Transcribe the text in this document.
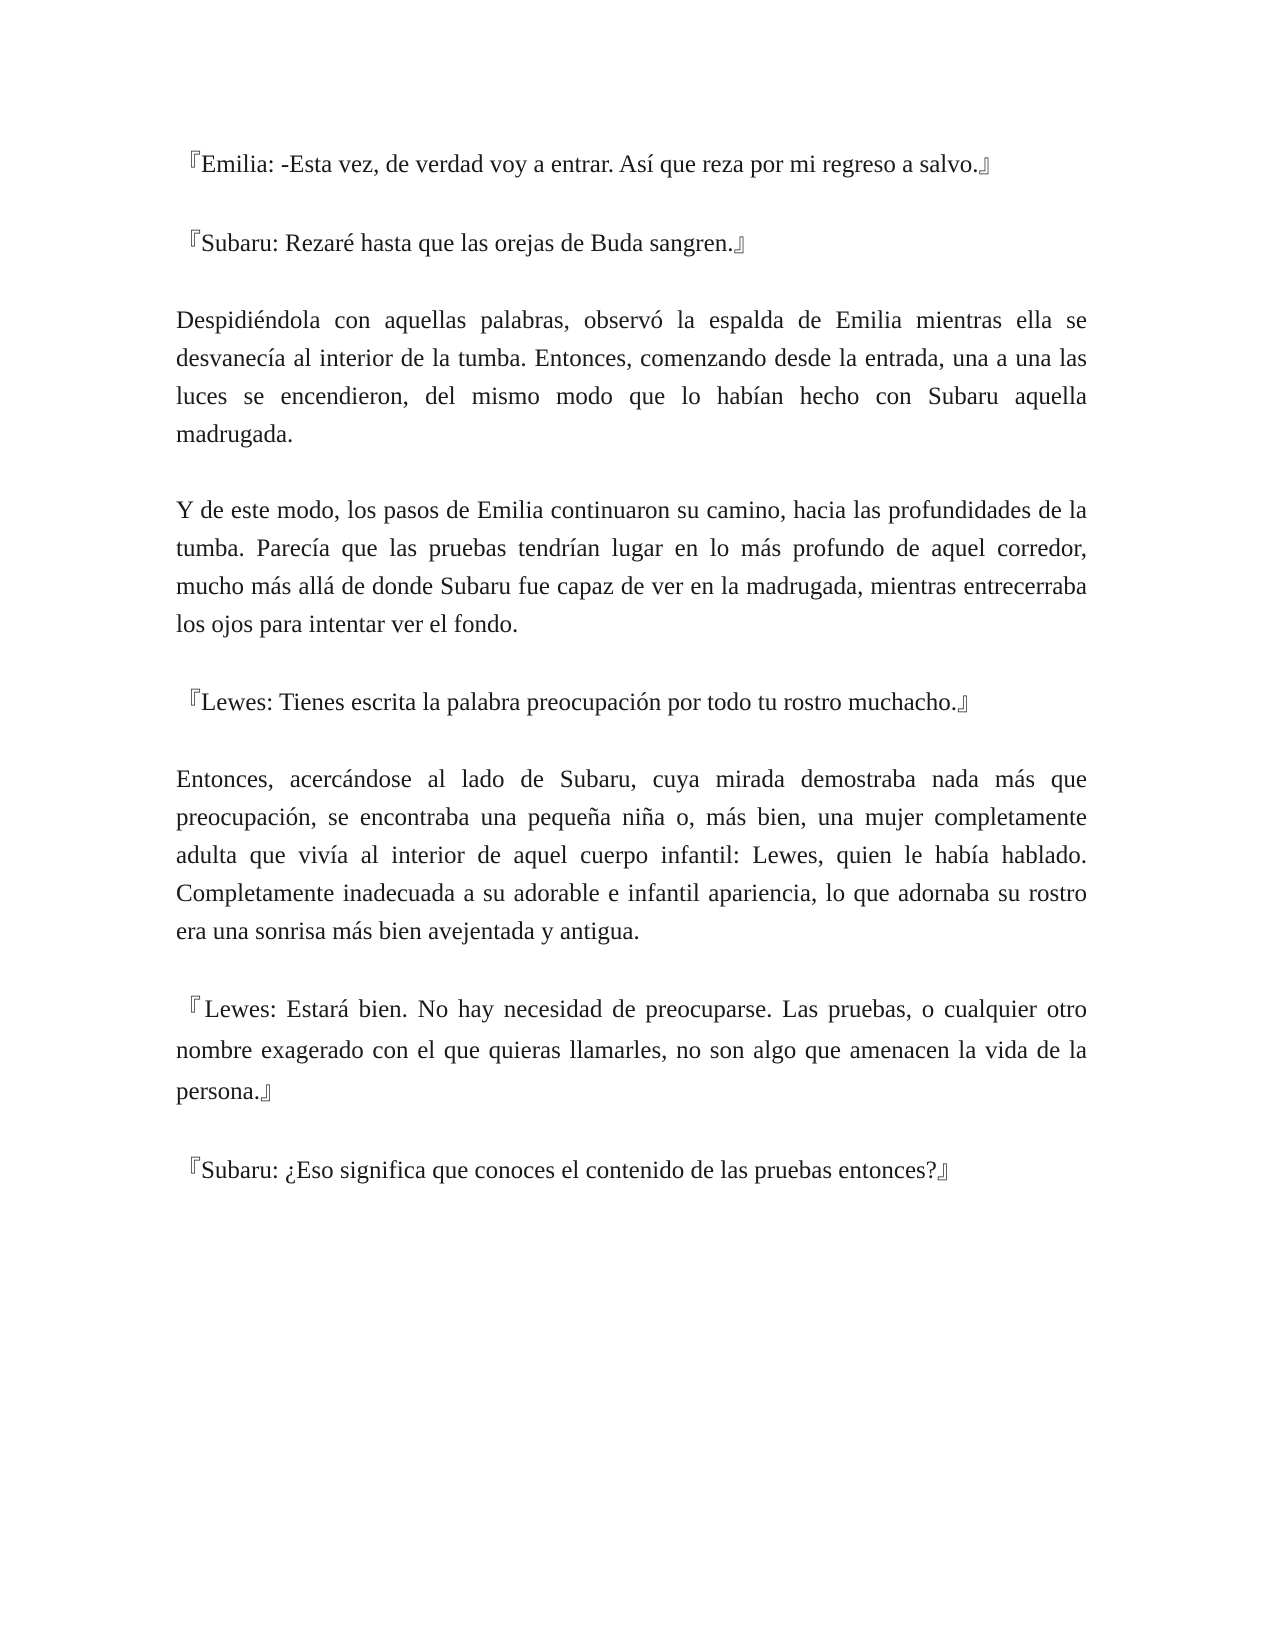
『Emilia: -Esta vez, de verdad voy a entrar. Así que reza por mi regreso a salvo.』

『Subaru: Rezaré hasta que las orejas de Buda sangren.』

Despidiéndola con aquellas palabras, observó la espalda de Emilia mientras ella se desvanecía al interior de la tumba. Entonces, comenzando desde la entrada, una a una las luces se encendieron, del mismo modo que lo habían hecho con Subaru aquella madrugada.

Y de este modo, los pasos de Emilia continuaron su camino, hacia las profundidades de la tumba. Parecía que las pruebas tendrían lugar en lo más profundo de aquel corredor, mucho más allá de donde Subaru fue capaz de ver en la madrugada, mientras entrecerraba los ojos para intentar ver el fondo.

『Lewes: Tienes escrita la palabra preocupación por todo tu rostro muchacho.』

Entonces, acercándose al lado de Subaru, cuya mirada demostraba nada más que preocupación, se encontraba una pequeña niña o, más bien, una mujer completamente adulta que vivía al interior de aquel cuerpo infantil: Lewes, quien le había hablado. Completamente inadecuada a su adorable e infantil apariencia, lo que adornaba su rostro era una sonrisa más bien avejentada y antigua.

『Lewes: Estará bien. No hay necesidad de preocuparse. Las pruebas, o cualquier otro nombre exagerado con el que quieras llamarles, no son algo que amenacen la vida de la persona.』

『Subaru: ¿Eso significa que conoces el contenido de las pruebas entonces?』
